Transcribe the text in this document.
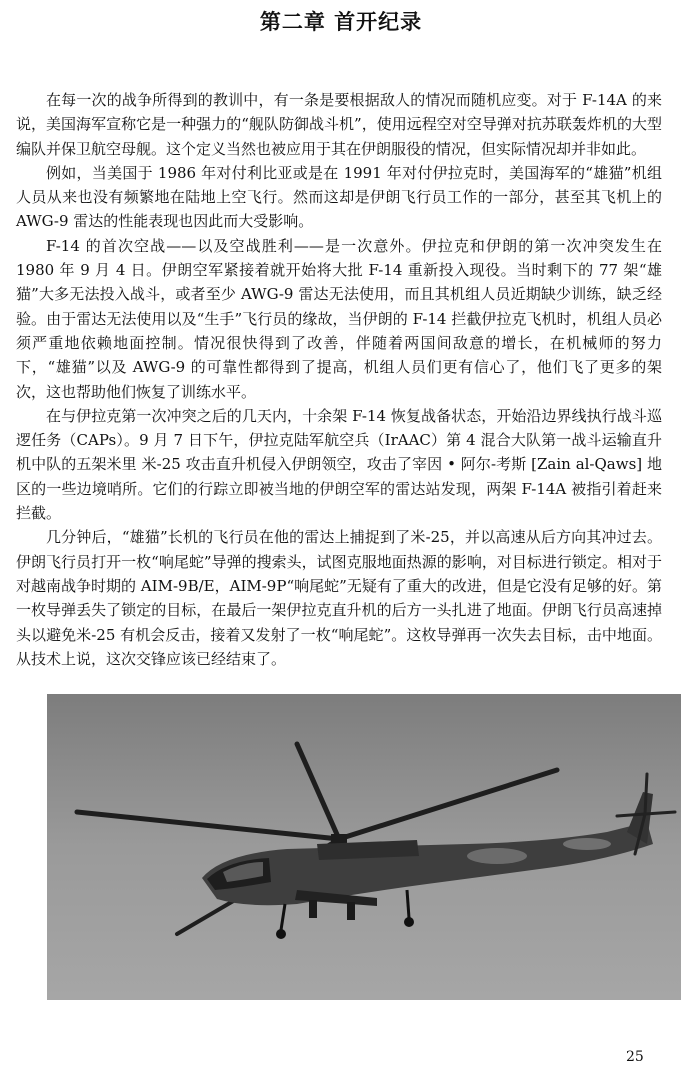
第二章 首开纪录

在每一次的战争所得到的教训中，有一条是要根据敌人的情况而随机应变。对于 F-14A 的来说，美国海军宣称它是一种强力的“舰队防御战斗机”，使用远程空对空导弹对抗苏联轰炸机的大型编队并保卫航空母舰。这个定义当然也被应用于其在伊朗服役的情况，但实际情况却并非如此。

例如，当美国于 1986 年对付利比亚或是在 1991 年对付伊拉克时，美国海军的“雄猫”机组人员从来也没有频繁地在陆地上空飞行。然而这却是伊朗飞行员工作的一部分，甚至其飞机上的 AWG-9 雷达的性能表现也因此而大受影响。

F-14 的首次空战——以及空战胜利——是一次意外。伊拉克和伊朗的第一次冲突发生在 1980 年 9 月 4 日。伊朗空军紧接着就开始将大批 F-14 重新投入现役。当时剩下的 77 架“雄猫”大多无法投入战斗，或者至少 AWG-9 雷达无法使用，而且其机组人员近期缺少训练，缺乏经验。由于雷达无法使用以及“生手”飞行员的缘故，当伊朗的 F-14 拦截伊拉克飞机时，机组人员必须严重地依赖地面控制。情况很快得到了改善，伴随着两国间敌意的增长，在机械师的努力下，“雄猫”以及 AWG-9 的可靠性都得到了提高，机组人员们更有信心了，他们飞了更多的架次，这也帮助他们恢复了训练水平。

在与伊拉克第一次冲突之后的几天内，十余架 F-14 恢复战备状态，开始沿边界线执行战斗巡逻任务（CAPs）。9 月 7 日下午，伊拉克陆军航空兵（IrAAC）第 4 混合大队第一战斗运输直升机中队的五架米里 米-25 攻击直升机侵入伊朗领空，攻击了宰因 • 阿尔-考斯 [Zain al-Qaws] 地区的一些边境哨所。它们的行踪立即被当地的伊朗空军的雷达站发现，两架 F-14A 被指引着赶来拦截。

几分钟后，“雄猫”长机的飞行员在他的雷达上捕捉到了米-25，并以高速从后方向其冲过去。伊朗飞行员打开一枚“响尾蛇”导弹的搜索头，试图克服地面热源的影响，对目标进行锁定。相对于对越南战争时期的 AIM-9B/E，AIM-9P“响尾蛇”无疑有了重大的改进，但是它没有足够的好。第一枚导弹丢失了锁定的目标，在最后一架伊拉克直升机的后方一头扎进了地面。伊朗飞行员高速掉头以避免米-25 有机会反击，接着又发射了一枚“响尾蛇”。这枚导弹再一次失去目标，击中地面。从技术上说，这次交锋应该已经结束了。

25
